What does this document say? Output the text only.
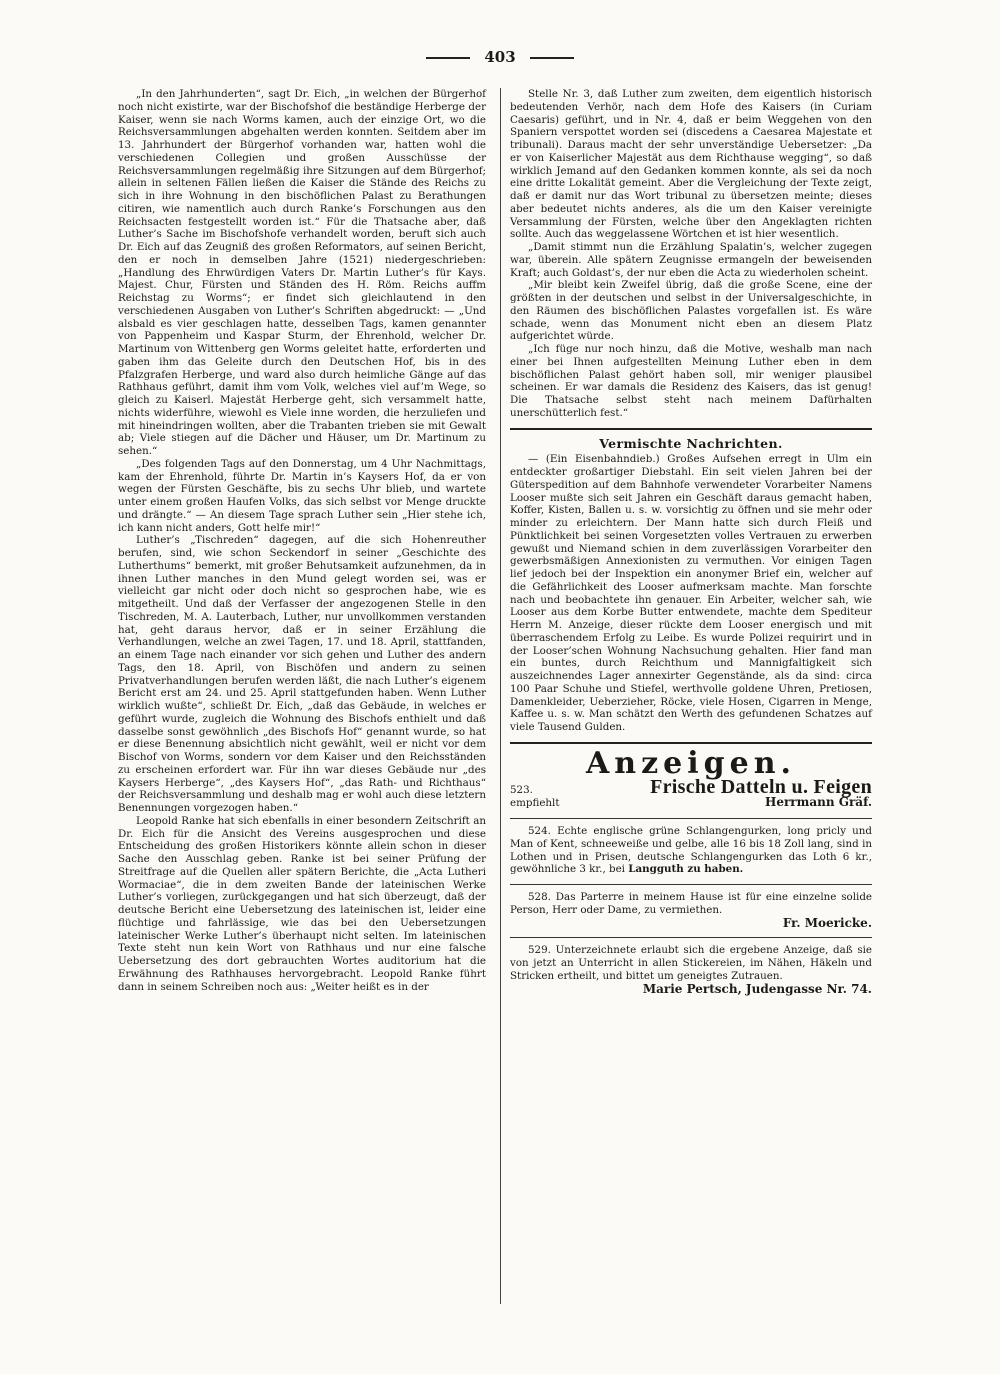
403

„In den Jahrhunderten“, sagt Dr. Eich, „in welchen der Bürgerhof noch nicht existirte, war der Bischofshof die beständige Herberge der Kaiser, wenn sie nach Worms kamen, auch der einzige Ort, wo die Reichsversammlungen abgehalten werden konnten. Seitdem aber im 13. Jahrhundert der Bürgerhof vorhanden war, hatten wohl die verschiedenen Collegien und großen Ausschüsse der Reichsversammlungen regelmäßig ihre Sitzungen auf dem Bürgerhof; allein in seltenen Fällen ließen die Kaiser die Stände des Reichs zu sich in ihre Wohnung in den bischöflichen Palast zu Berathungen citiren, wie namentlich auch durch Ranke’s Forschungen aus den Reichsacten festgestellt worden ist.“ Für die Thatsache aber, daß Luther’s Sache im Bischofshofe verhandelt worden, beruft sich auch Dr. Eich auf das Zeugniß des großen Reformators, auf seinen Bericht, den er noch in demselben Jahre (1521) niedergeschrieben: „Handlung des Ehrwürdigen Vaters Dr. Martin Luther’s für Kays. Majest. Chur, Fürsten und Ständen des H. Röm. Reichs auffm Reichstag zu Worms“; er findet sich gleichlautend in den verschiedenen Ausgaben von Luther’s Schriften abgedruckt: — „Und alsbald es vier geschlagen hatte, desselben Tags, kamen genannter von Pappenheim und Kaspar Sturm, der Ehrenhold, welcher Dr. Martinum von Wittenberg gen Worms geleitet hatte, erforderten und gaben ihm das Geleite durch den Deutschen Hof, bis in des Pfalzgrafen Herberge, und ward also durch heimliche Gänge auf das Rathhaus geführt, damit ihm vom Volk, welches viel auf’m Wege, so gleich zu Kaiserl. Majestät Herberge geht, sich versammelt hatte, nichts widerführe, wiewohl es Viele inne worden, die herzuliefen und mit hineindringen wollten, aber die Trabanten trieben sie mit Gewalt ab; Viele stiegen auf die Dächer und Häuser, um Dr. Martinum zu sehen.“

„Des folgenden Tags auf den Donnerstag, um 4 Uhr Nachmittags, kam der Ehrenhold, führte Dr. Martin in’s Kaysers Hof, da er von wegen der Fürsten Geschäfte, bis zu sechs Uhr blieb, und wartete unter einem großen Haufen Volks, das sich selbst vor Menge druckte und drängte.“ — An diesem Tage sprach Luther sein „Hier stehe ich, ich kann nicht anders, Gott helfe mir!“

Luther’s „Tischreden“ dagegen, auf die sich Hohenreuther berufen, sind, wie schon Seckendorf in seiner „Geschichte des Lutherthums“ bemerkt, mit großer Behutsamkeit aufzunehmen, da in ihnen Luther manches in den Mund gelegt worden sei, was er vielleicht gar nicht oder doch nicht so gesprochen habe, wie es mitgetheilt. Und daß der Verfasser der angezogenen Stelle in den Tischreden, M. A. Lauterbach, Luther, nur unvollkommen verstanden hat, geht daraus hervor, daß er in seiner Erzählung die Verhandlungen, welche an zwei Tagen, 17. und 18. April, stattfanden, an einem Tage nach einander vor sich gehen und Luther des andern Tags, den 18. April, von Bischöfen und andern zu seinen Privatverhandlungen berufen werden läßt, die nach Luther’s eigenem Bericht erst am 24. und 25. April stattgefunden haben. Wenn Luther wirklich wußte“, schließt Dr. Eich, „daß das Gebäude, in welches er geführt wurde, zugleich die Wohnung des Bischofs enthielt und daß dasselbe sonst gewöhnlich „des Bischofs Hof“ genannt wurde, so hat er diese Benennung absichtlich nicht gewählt, weil er nicht vor dem Bischof von Worms, sondern vor dem Kaiser und den Reichsständen zu erscheinen erfordert war. Für ihn war dieses Gebäude nur „des Kaysers Herberge“, „des Kaysers Hof“, „das Rath- und Richthaus“ der Reichsversammlung und deshalb mag er wohl auch diese letztern Benennungen vorgezogen haben.“

Leopold Ranke hat sich ebenfalls in einer besondern Zeitschrift an Dr. Eich für die Ansicht des Vereins ausgesprochen und diese Entscheidung des großen Historikers könnte allein schon in dieser Sache den Ausschlag geben. Ranke ist bei seiner Prüfung der Streitfrage auf die Quellen aller spätern Berichte, die „Acta Lutheri Wormaciae“, die in dem zweiten Bande der lateinischen Werke Luther’s vorliegen, zurückgegangen und hat sich überzeugt, daß der deutsche Bericht eine Uebersetzung des lateinischen ist, leider eine flüchtige und fahrlässige, wie das bei den Uebersetzungen lateinischer Werke Luther’s überhaupt nicht selten. Im lateinischen Texte steht nun kein Wort von Rathhaus und nur eine falsche Uebersetzung des dort gebrauchten Wortes auditorium hat die Erwähnung des Rathhauses hervorgebracht. Leopold Ranke führt dann in seinem Schreiben noch aus: „Weiter heißt es in der

Stelle Nr. 3, daß Luther zum zweiten, dem eigentlich historisch bedeutenden Verhör, nach dem Hofe des Kaisers (in Curiam Caesaris) geführt, und in Nr. 4, daß er beim Weggehen von den Spaniern verspottet worden sei (discedens a Caesarea Majestate et tribunali). Daraus macht der sehr unverständige Uebersetzer: „Da er von Kaiserlicher Majestät aus dem Richthause wegging“, so daß wirklich Jemand auf den Gedanken kommen konnte, als sei da noch eine dritte Lokalität gemeint. Aber die Vergleichung der Texte zeigt, daß er damit nur das Wort tribunal zu übersetzen meinte; dieses aber bedeutet nichts anderes, als die um den Kaiser vereinigte Versammlung der Fürsten, welche über den Angeklagten richten sollte. Auch das weggelassene Wörtchen et ist hier wesentlich.

„Damit stimmt nun die Erzählung Spalatin’s, welcher zugegen war, überein. Alle spätern Zeugnisse ermangeln der beweisenden Kraft; auch Goldast’s, der nur eben die Acta zu wiederholen scheint.

„Mir bleibt kein Zweifel übrig, daß die große Scene, eine der größten in der deutschen und selbst in der Universalgeschichte, in den Räumen des bischöflichen Palastes vorgefallen ist. Es wäre schade, wenn das Monument nicht eben an diesem Platz aufgerichtet würde.

„Ich füge nur noch hinzu, daß die Motive, weshalb man nach einer bei Ihnen aufgestellten Meinung Luther eben in dem bischöflichen Palast gehört haben soll, mir weniger plausibel scheinen. Er war damals die Residenz des Kaisers, das ist genug! Die Thatsache selbst steht nach meinem Dafürhalten unerschütterlich fest.“

Vermischte Nachrichten.

— (Ein Eisenbahndieb.) Großes Aufsehen erregt in Ulm ein entdeckter großartiger Diebstahl. Ein seit vielen Jahren bei der Güterspedition auf dem Bahnhofe verwendeter Vorarbeiter Namens Looser mußte sich seit Jahren ein Geschäft daraus gemacht haben, Koffer, Kisten, Ballen u. s. w. vorsichtig zu öffnen und sie mehr oder minder zu erleichtern. Der Mann hatte sich durch Fleiß und Pünktlichkeit bei seinen Vorgesetzten volles Vertrauen zu erwerben gewußt und Niemand schien in dem zuverlässigen Vorarbeiter den gewerbsmäßigen Annexionisten zu vermuthen. Vor einigen Tagen lief jedoch bei der Inspektion ein anonymer Brief ein, welcher auf die Gefährlichkeit des Looser aufmerksam machte. Man forschte nach und beobachtete ihn genauer. Ein Arbeiter, welcher sah, wie Looser aus dem Korbe Butter entwendete, machte dem Spediteur Herrn M. Anzeige, dieser rückte dem Looser energisch und mit überraschendem Erfolg zu Leibe. Es wurde Polizei requirirt und in der Looser’schen Wohnung Nachsuchung gehalten. Hier fand man ein buntes, durch Reichthum und Mannigfaltigkeit sich auszeichnendes Lager annexirter Gegenstände, als da sind: circa 100 Paar Schuhe und Stiefel, werthvolle goldene Uhren, Pretiosen, Damenkleider, Ueberzieher, Röcke, viele Hosen, Cigarren in Menge, Kaffee u. s. w. Man schätzt den Werth des gefundenen Schatzes auf viele Tausend Gulden.

Anzeigen.
523.	Frische Datteln u. Feigen
empfiehlt	Herrmann Gräf.

524. Echte englische grüne Schlangengurken, long pricly und Man of Kent, schneeweiße und gelbe, alle 16 bis 18 Zoll lang, sind in Lothen und in Prisen, deutsche Schlangengurken das Loth 6 kr., gewöhnliche 3 kr., bei Langguth zu haben.

528. Das Parterre in meinem Hause ist für eine einzelne solide Person, Herr oder Dame, zu vermiethen.

Fr. Moericke.

529. Unterzeichnete erlaubt sich die ergebene Anzeige, daß sie von jetzt an Unterricht in allen Stickereien, im Nähen, Häkeln und Stricken ertheilt, und bittet um geneigtes Zutrauen.

Marie Pertsch, Judengasse Nr. 74.
